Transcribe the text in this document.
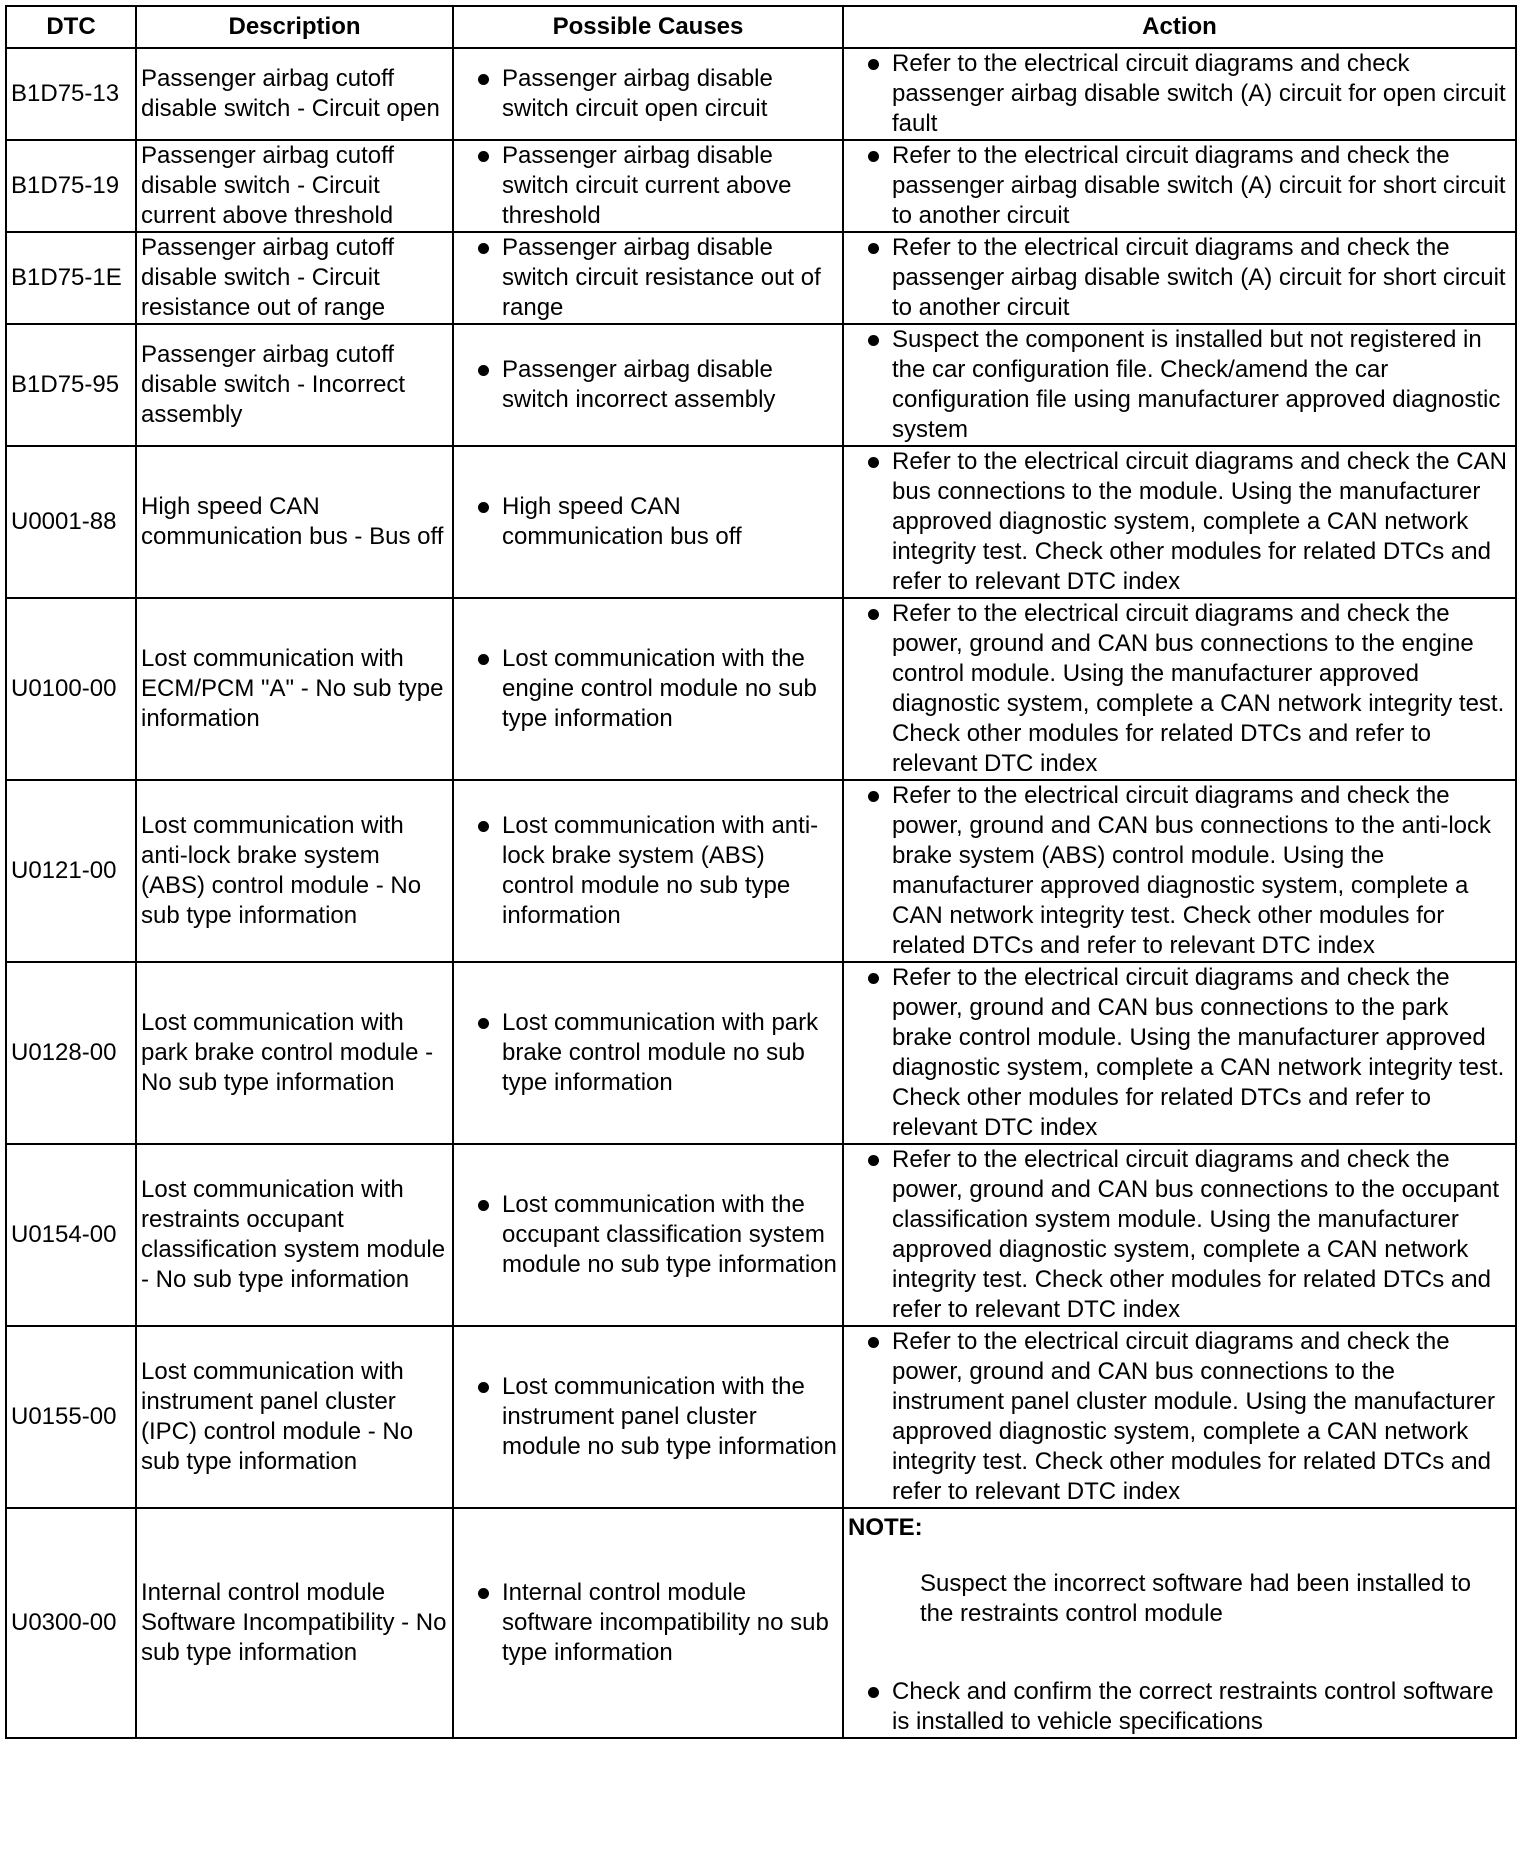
DTC	Description	Possible Causes	Action
B1D75-13	Passenger airbag cutoff disable switch - Circuit open	Passenger airbag disable switch circuit open circuit	Refer to the electrical circuit diagrams and check passenger airbag disable switch (A) circuit for open circuit fault

B1D75-19	Passenger airbag cutoff disable switch - Circuit current above threshold	Passenger airbag disable switch circuit current above threshold	Refer to the electrical circuit diagrams and check the passenger airbag disable switch (A) circuit for short circuit to another circuit

B1D75-1E	Passenger airbag cutoff disable switch - Circuit resistance out of range	Passenger airbag disable switch circuit resistance out of range	Refer to the electrical circuit diagrams and check the passenger airbag disable switch (A) circuit for short circuit to another circuit

B1D75-95	Passenger airbag cutoff disable switch - Incorrect assembly	Passenger airbag disable switch incorrect assembly	Suspect the component is installed but not registered in the car configuration file. Check/amend the car configuration file using manufacturer approved diagnostic system

U0001-88	High speed CAN communication bus - Bus off	High speed CAN communication bus off	Refer to the electrical circuit diagrams and check the CAN bus connections to the module. Using the manufacturer approved diagnostic system, complete a CAN network integrity test. Check other modules for related DTCs and refer to relevant DTC index

U0100-00	Lost communication with ECM/PCM "A" - No sub type information	Lost communication with the engine control module no sub type information	Refer to the electrical circuit diagrams and check the power, ground and CAN bus connections to the engine control module. Using the manufacturer approved diagnostic system, complete a CAN network integrity test. Check other modules for related DTCs and refer to relevant DTC index

U0121-00	Lost communication with anti-lock brake system (ABS) control module - No sub type information	Lost communication with anti-lock brake system (ABS) control module no sub type information	Refer to the electrical circuit diagrams and check the power, ground and CAN bus connections to the anti-lock brake system (ABS) control module. Using the manufacturer approved diagnostic system, complete a CAN network integrity test. Check other modules for related DTCs and refer to relevant DTC index

U0128-00	Lost communication with park brake control module - No sub type information	Lost communication with park brake control module no sub type information	Refer to the electrical circuit diagrams and check the power, ground and CAN bus connections to the park brake control module. Using the manufacturer approved diagnostic system, complete a CAN network integrity test. Check other modules for related DTCs and refer to relevant DTC index

U0154-00	Lost communication with restraints occupant classification system module - No sub type information	Lost communication with the occupant classification system module no sub type information	Refer to the electrical circuit diagrams and check the power, ground and CAN bus connections to the occupant classification system module. Using the manufacturer approved diagnostic system, complete a CAN network integrity test. Check other modules for related DTCs and refer to relevant DTC index

U0155-00	Lost communication with instrument panel cluster (IPC) control module - No sub type information	Lost communication with the instrument panel cluster module no sub type information	Refer to the electrical circuit diagrams and check the power, ground and CAN bus connections to the instrument panel cluster module. Using the manufacturer approved diagnostic system, complete a CAN network integrity test. Check other modules for related DTCs and refer to relevant DTC index

U0300-00	Internal control module Software Incompatibility - No sub type information	Internal control module software incompatibility no sub type information	NOTE:
Suspect the incorrect software had been installed to the restraints control module
Check and confirm the correct restraints control software is installed to vehicle specifications
